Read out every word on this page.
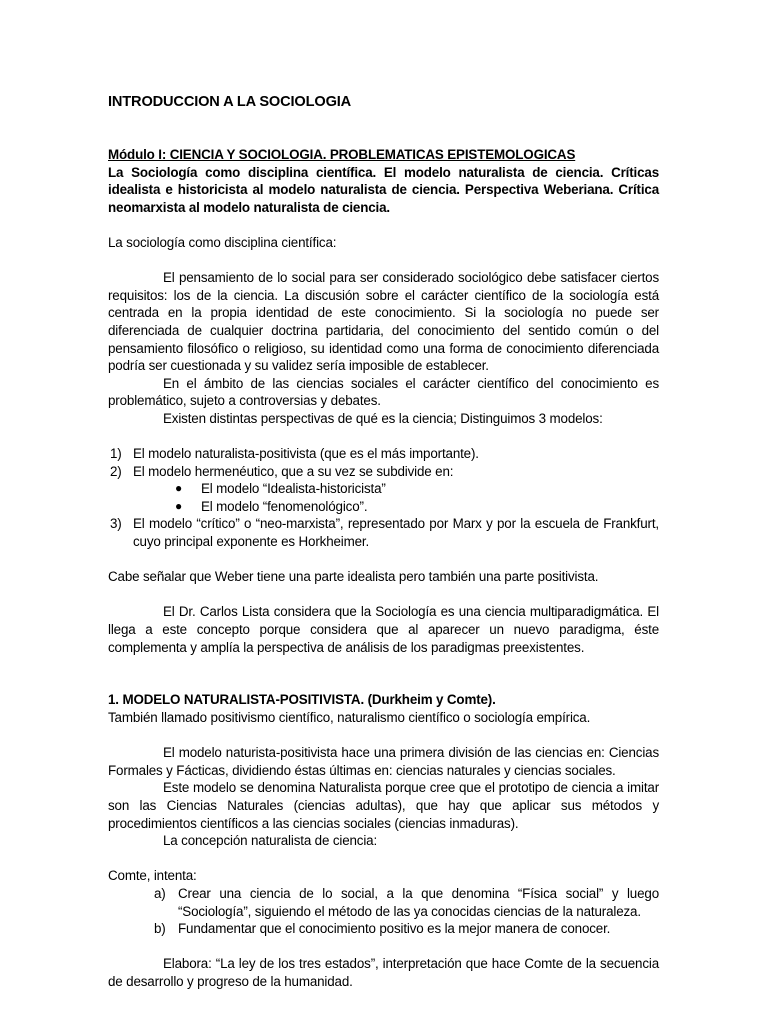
INTRODUCCION A LA SOCIOLOGIA

Módulo I: CIENCIA Y SOCIOLOGIA. PROBLEMATICAS EPISTEMOLOGICAS

La Sociología como disciplina científica. El modelo naturalista de ciencia. Críticas idealista e historicista al modelo naturalista de ciencia. Perspectiva Weberiana. Crítica neomarxista al modelo naturalista de ciencia.

La sociología como disciplina científica:

El pensamiento de lo social para ser considerado sociológico debe satisfacer ciertos requisitos: los de la ciencia. La discusión sobre el carácter científico de la sociología está centrada en la propia identidad de este conocimiento. Si la sociología no puede ser diferenciada de cualquier doctrina partidaria, del conocimiento del sentido común o del pensamiento filosófico o religioso, su identidad como una forma de conocimiento diferenciada podría ser cuestionada y su validez sería imposible de establecer.

En el ámbito de las ciencias sociales el carácter científico del conocimiento es problemático, sujeto a controversias y debates.

Existen distintas perspectivas de qué es la ciencia; Distinguimos 3 modelos:

1) El modelo naturalista-positivista (que es el más importante).
2) El modelo hermenéutico, que a su vez se subdivide en:
● El modelo “Idealista-historicista”
● El modelo “fenomenológico”.
3) El modelo “crítico” o “neo-marxista”, representado por Marx y por la escuela de Frankfurt, cuyo principal exponente es Horkheimer.

Cabe señalar que Weber tiene una parte idealista pero también una parte positivista.

El Dr. Carlos Lista considera que la Sociología es una ciencia multiparadigmática. El llega a este concepto porque considera que al aparecer un nuevo paradigma, éste complementa y amplía la perspectiva de análisis de los paradigmas preexistentes.

1. MODELO NATURALISTA-POSITIVISTA. (Durkheim y Comte).

También llamado positivismo científico, naturalismo científico o sociología empírica.

El modelo naturista-positivista hace una primera división de las ciencias en: Ciencias Formales y Fácticas, dividiendo éstas últimas en: ciencias naturales y ciencias sociales.

Este modelo se denomina Naturalista porque cree que el prototipo de ciencia a imitar son las Ciencias Naturales (ciencias adultas), que hay que aplicar sus métodos y procedimientos científicos a las ciencias sociales (ciencias inmaduras).

La concepción naturalista de ciencia:

Comte, intenta:

a) Crear una ciencia de lo social, a la que denomina “Física social” y luego “Sociología”, siguiendo el método de las ya conocidas ciencias de la naturaleza.
b) Fundamentar que el conocimiento positivo es la mejor manera de conocer.

Elabora: “La ley de los tres estados”, interpretación que hace Comte de la secuencia de desarrollo y progreso de la humanidad.
